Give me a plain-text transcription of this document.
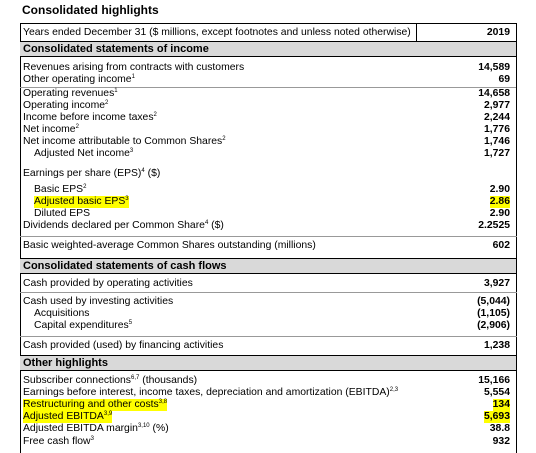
Consolidated highlights
Years ended December 31 ($ millions, except footnotes and unless noted otherwise)	2019
Consolidated statements of income
Revenues arising from contracts with customers	14,589
Other operating income$^1$	69
Operating revenues$^1$	14,658
Operating income$^2$	2,977
Income before income taxes$^2$	2,244
Net income$^2$	1,776
Net income attributable to Common Shares$^2$	1,746
Adjusted Net income$^3$	1,727
Earnings per share (EPS)$^4$ ($)
Basic EPS$^2$	2.90
Adjusted basic EPS$^3$	2.86
Diluted EPS	2.90
Dividends declared per Common Share$^4$ ($)	2.2525
Basic weighted-average Common Shares outstanding (millions)	602
Consolidated statements of cash flows
Cash provided by operating activities	3,927
Cash used by investing activities	(5,044)
Acquisitions	(1,105)
Capital expenditures$^5$	(2,906)
Cash provided (used) by financing activities	1,238
Other highlights
Subscriber connections$^{6,7}$ (thousands)	15,166
Earnings before interest, income taxes, depreciation and amortization (EBITDA)$^{2,3}$	5,554
Restructuring and other costs$^{3,8}$	134
Adjusted EBITDA$^{3,9}$	5,693
Adjusted EBITDA margin$^{3,10}$ (%)	38.8
Free cash flow$^3$	932
